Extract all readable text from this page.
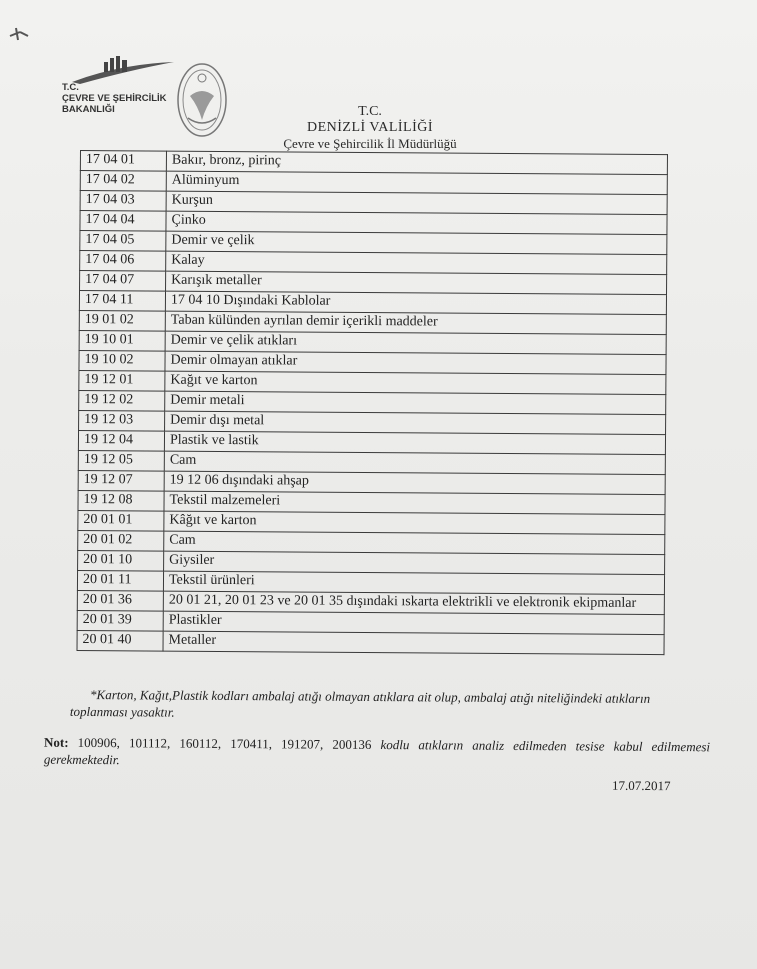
T.C.
ÇEVRE VE ŞEHİRCİLİK
BAKANLIĞI	T.C.
DENİZLİ VALİLİĞİ
Çevre ve Şehircilik İl Müdürlüğü
17 04 01	Bakır, bronz, pirinç
17 04 02	Alüminyum
17 04 03	Kurşun
17 04 04	Çinko
17 04 05	Demir ve çelik
17 04 06	Kalay
17 04 07	Karışık metaller
17 04 11	17 04 10 Dışındaki Kablolar
19 01 02	Taban külünden ayrılan demir içerikli maddeler
19 10 01	Demir ve çelik atıkları
19 10 02	Demir olmayan atıklar
19 12 01	Kağıt ve karton
19 12 02	Demir metali
19 12 03	Demir dışı metal
19 12 04	Plastik ve lastik
19 12 05	Cam
19 12 07	19 12 06 dışındaki ahşap
19 12 08	Tekstil malzemeleri
20 01 01	Kâğıt ve karton
20 01 02	Cam
20 01 10	Giysiler
20 01 11	Tekstil ürünleri
20 01 36	20 01 21, 20 01 23 ve 20 01 35 dışındaki ıskarta elektrikli ve elektronik ekipmanlar
20 01 39	Plastikler
20 01 40	Metaller
*Karton, Kağıt,Plastik kodları ambalaj atığı olmayan atıklara ait olup, ambalaj atığı niteliğindeki atıkların toplanması yasaktır.
Not: 100906, 101112, 160112, 170411, 191207, 200136 kodlu atıkların analiz edilmeden tesise kabul edilmemesi gerekmektedir.
17.07.2017
